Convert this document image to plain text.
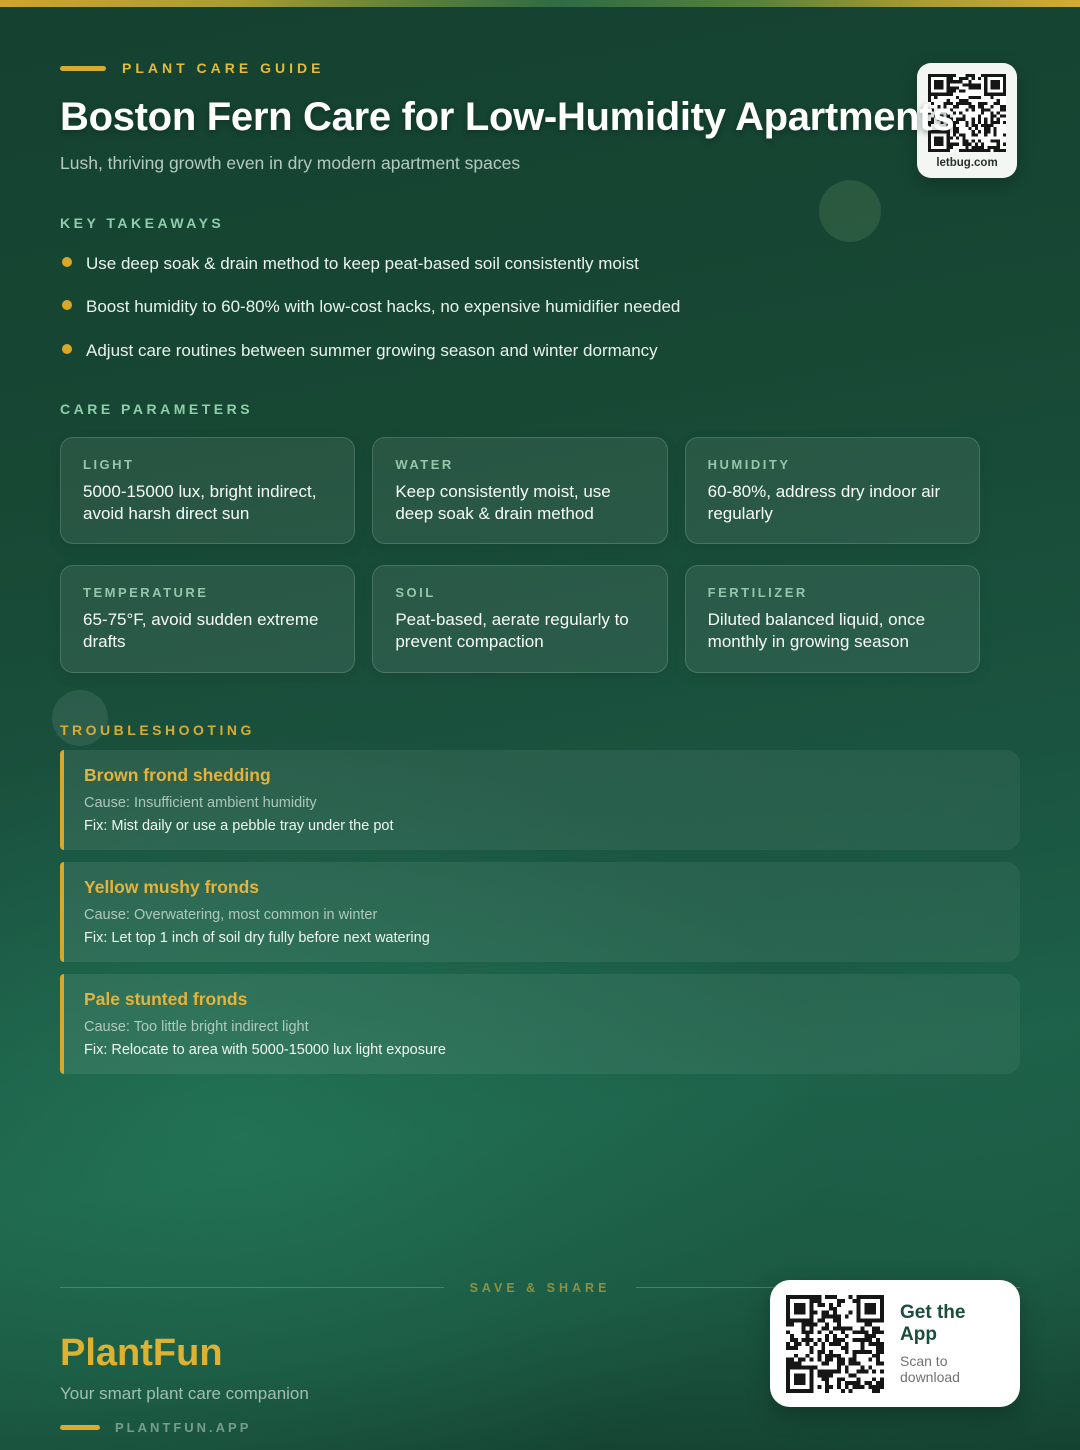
letbug.com
PLANT CARE GUIDE
Boston Fern Care for Low-Humidity Apartments
Lush, thriving growth even in dry modern apartment spaces
KEY TAKEAWAYS
Use deep soak & drain method to keep peat-based soil consistently moist
Boost humidity to 60-80% with low-cost hacks, no expensive humidifier needed
Adjust care routines between summer growing season and winter dormancy
CARE PARAMETERS
LIGHT
5000-15000 lux, bright indirect, avoid harsh direct sun
WATER
Keep consistently moist, use deep soak & drain method
HUMIDITY
60-80%, address dry indoor air regularly
TEMPERATURE
65-75°F, avoid sudden extreme drafts
SOIL
Peat-based, aerate regularly to prevent compaction
FERTILIZER
Diluted balanced liquid, once monthly in growing season
TROUBLESHOOTING
Brown frond shedding
Cause: Insufficient ambient humidity
Fix: Mist daily or use a pebble tray under the pot
Yellow mushy fronds
Cause: Overwatering, most common in winter
Fix: Let top 1 inch of soil dry fully before next watering
Pale stunted fronds
Cause: Too little bright indirect light
Fix: Relocate to area with 5000-15000 lux light exposure
SAVE & SHARE
PlantFun
Your smart plant care companion
PLANTFUN.APP
Get the App
Scan to download
